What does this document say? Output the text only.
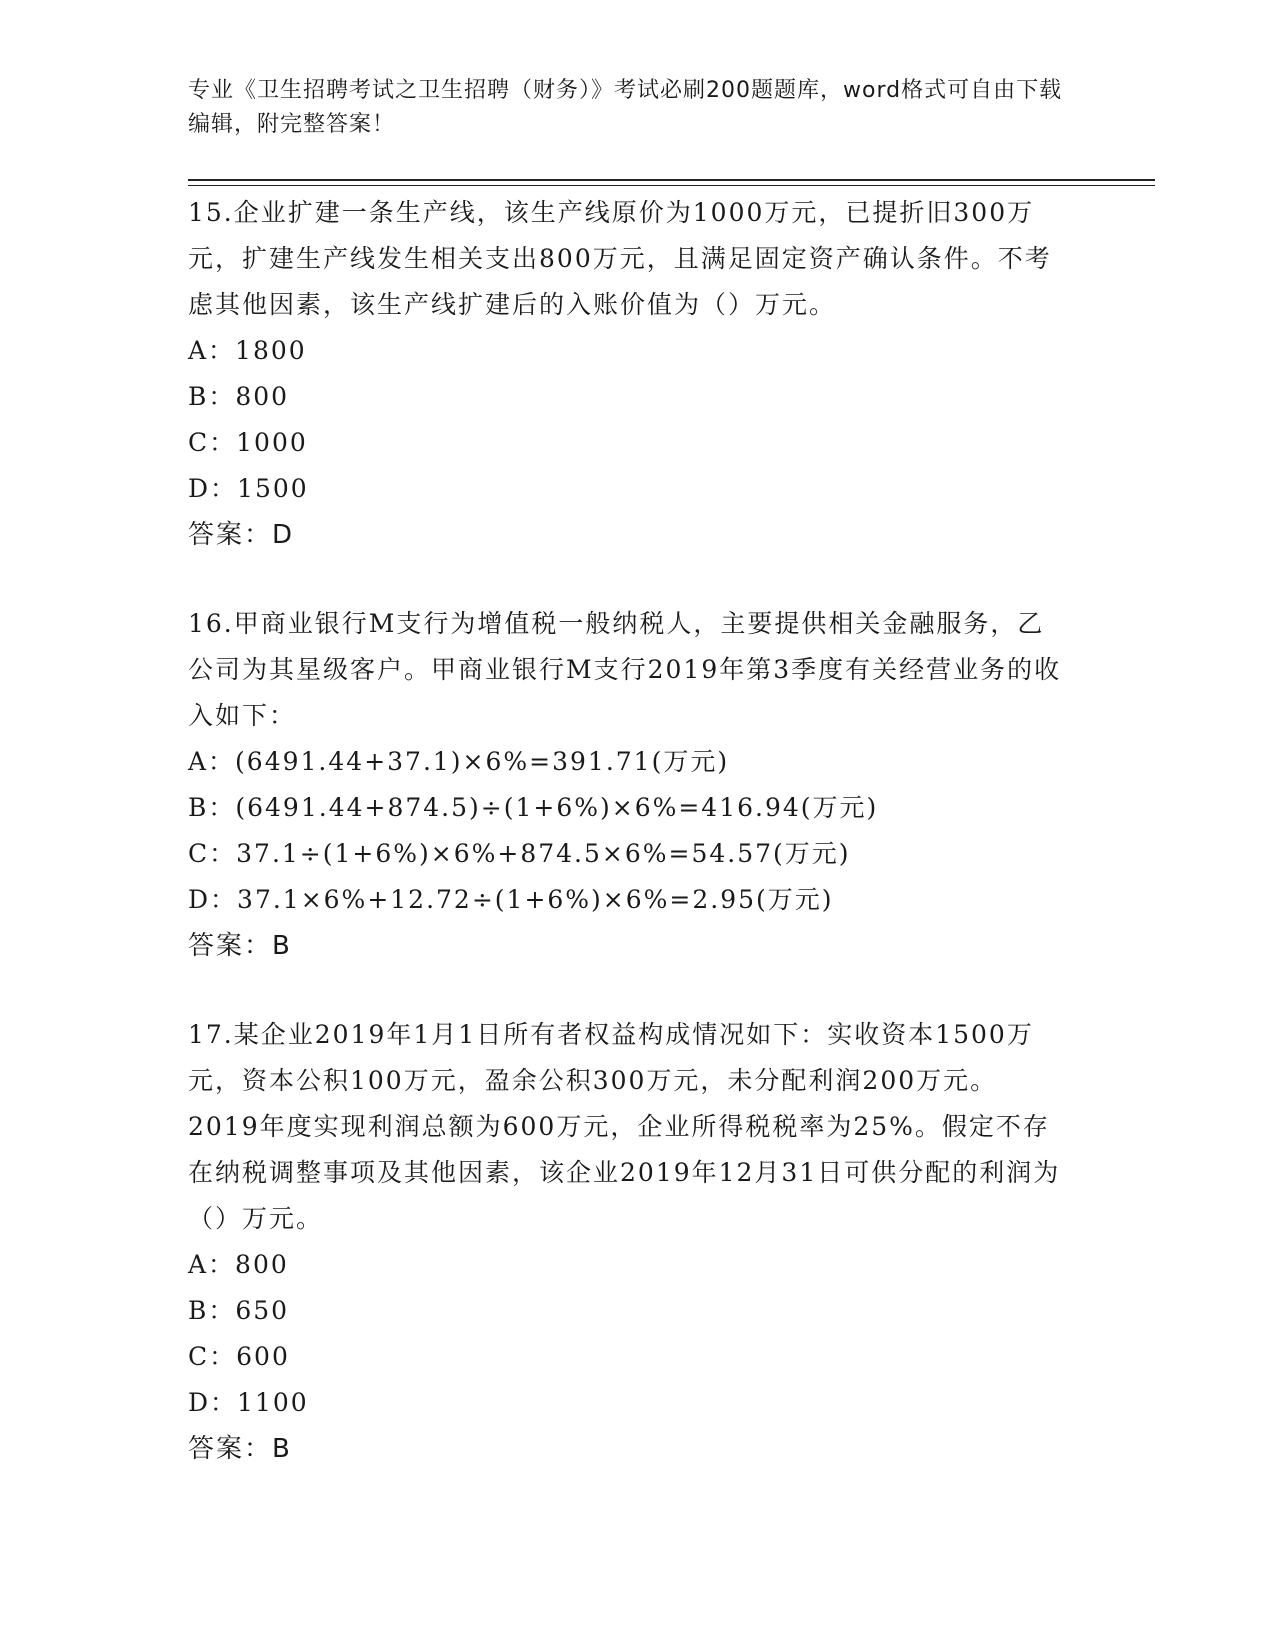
专业《卫生招聘考试之卫生招聘（财务）》考试必刷200题题库，word格式可自由下载编辑，附完整答案！

15.企业扩建一条生产线，该生产线原价为1000万元，已提折旧300万元，扩建生产线发生相关支出800万元，且满足固定资产确认条件。不考虑其他因素，该生产线扩建后的入账价值为（）万元。

A：1800
B：800
C：1000
D：1500

答案：D

16.甲商业银行M支行为增值税一般纳税人，主要提供相关金融服务，乙公司为其星级客户。甲商业银行M支行2019年第3季度有关经营业务的收入如下：

A：(6491.44+37.1)×6%=391.71(万元)
B：(6491.44+874.5)÷(1+6%)×6%=416.94(万元)
C：37.1÷(1+6%)×6%+874.5×6%=54.57(万元)
D：37.1×6%+12.72÷(1+6%)×6%=2.95(万元)

答案：B

17.某企业2019年1月1日所有者权益构成情况如下：实收资本1500万元，资本公积100万元，盈余公积300万元，未分配利润200万元。2019年度实现利润总额为600万元，企业所得税税率为25%。假定不存在纳税调整事项及其他因素，该企业2019年12月31日可供分配的利润为（）万元。

A：800
B：650
C：600
D：1100

答案：B
